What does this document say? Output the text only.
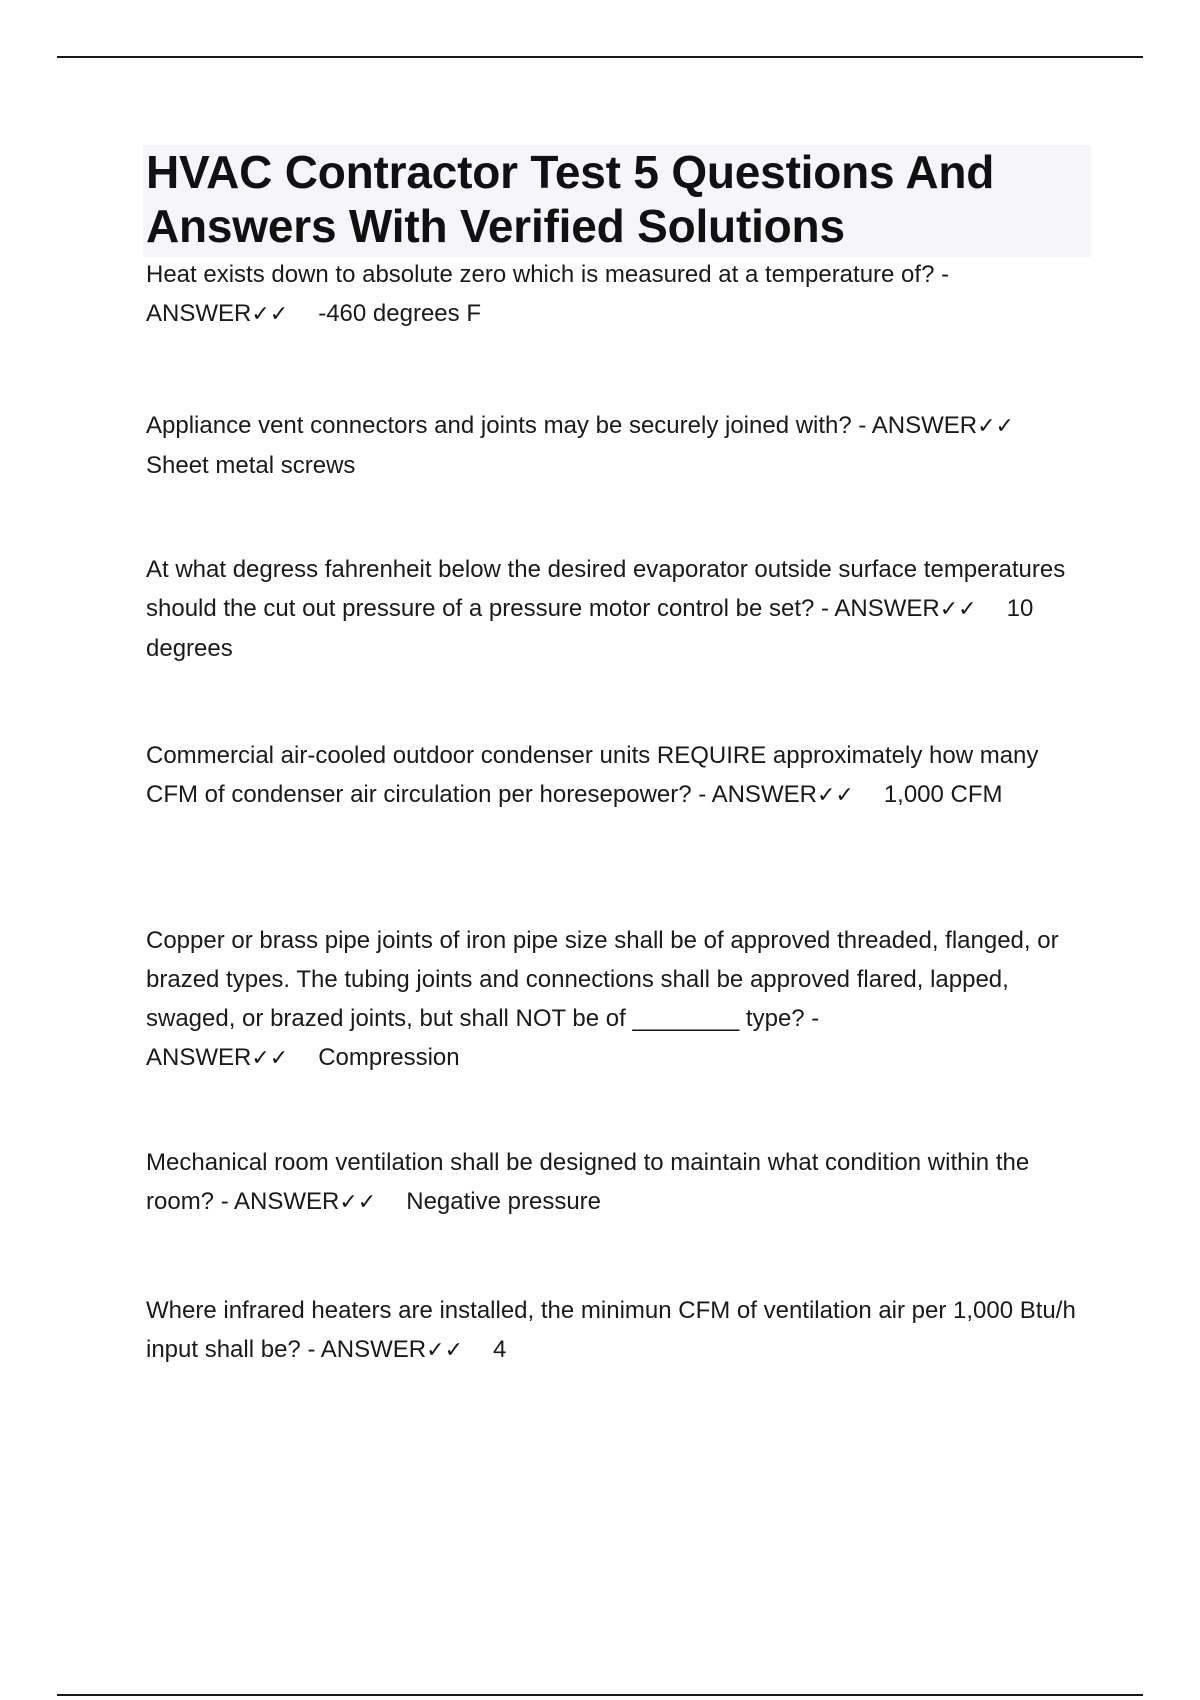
HVAC Contractor Test 5 Questions And Answers With Verified Solutions

Heat exists down to absolute zero which is measured at a temperature of? - ANSWER✓✓ -460 degrees F

Appliance vent connectors and joints may be securely joined with? - ANSWER✓✓
Sheet metal screws

At what degress fahrenheit below the desired evaporator outside surface temperatures should the cut out pressure of a pressure motor control be set? - ANSWER✓✓ 10 degrees

Commercial air-cooled outdoor condenser units REQUIRE approximately how many CFM of condenser air circulation per horesepower? - ANSWER✓✓ 1,000 CFM

Copper or brass pipe joints of iron pipe size shall be of approved threaded, flanged, or brazed types. The tubing joints and connections shall be approved flared, lapped, swaged, or brazed joints, but shall NOT be of ________ type? - ANSWER✓✓ Compression

Mechanical room ventilation shall be designed to maintain what condition within the room? - ANSWER✓✓ Negative pressure

Where infrared heaters are installed, the minimun CFM of ventilation air per 1,000 Btu/h input shall be? - ANSWER✓✓ 4
